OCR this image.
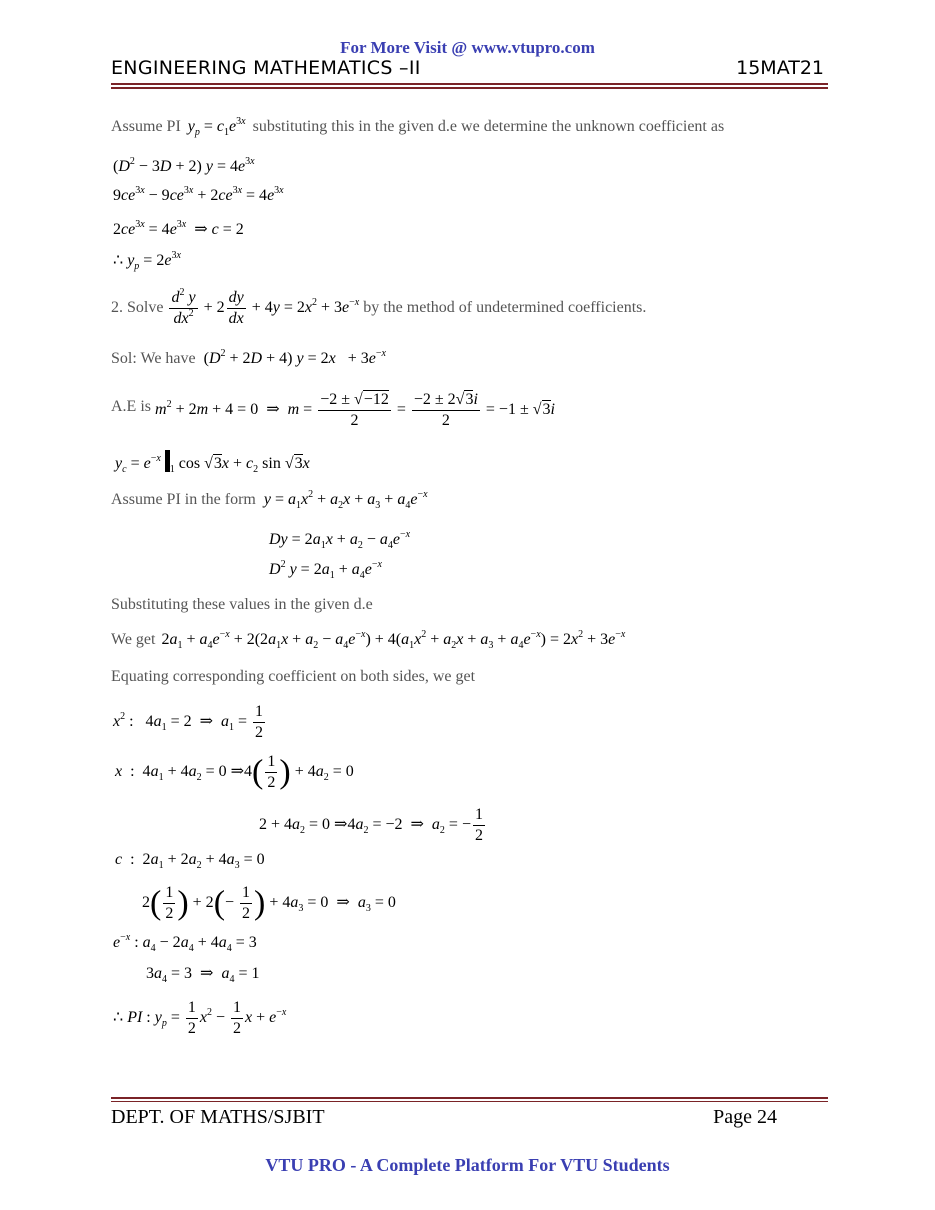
For More Visit @ www.vtupro.com
ENGINEERING MATHEMATICS –II	15MAT21
Assume PI $y_p = c_1e^{3x}$ substituting this in the given d.e we determine the unknown coefficient as
$(D^2 - 3D + 2) y = 4e^{3x}$
$9ce^{3x} - 9ce^{3x} + 2ce^{3x} = 4e^{3x}$
$2ce^{3x} = 4e^{3x}$  ⇒ c = 2
∴ $y_p = 2e^{3x}$
2. Solve $\frac{d^2 y}{dx^2} + 2 \frac{dy}{dx} + 4y = 2x^2 + 3e^{-x}$ by the method of undetermined coefficients.
Sol: We have $(D^2 + 2D + 4) y = 2x + 3e^{-x}$
A.E is $m^2 + 2m + 4 = 0$  ⇒  $m = \frac{-2 \pm √-12}{2} = \frac{-2 \pm 2√3i}{2} = -1 \pm √3i$
$y_c = e^{-x}$ $_1$ $\cos √3x + c_2$ sin √3x
Assume PI in the form $y = a_1x^2 + a_2x + a_3 + a_4e^{-x}$
$Dy = 2a_1x + a_2 - a_4e^{-x}$
$D^2$ $y = 2a_1 + a_4e^{-x}$
Substituting these values in the given d.e
We get $2a_1 + a_4e^{-x} + 2(2a_1x + a_2 - a_4e^{-x}) + 4(a_1x^2 + a_2x + a_3 + a_4e^{-x}) = 2x^2 + 3e^{-x}$
Equating corresponding coefficient on both sides, we get
$x^2$ :   $4a_1 = 2$  ⇒  $a_1 = \frac{1}{2}$
x  :  $4a_1 + 4a_2 = 0$ ⇒4( $\frac{1}{2}$ ) + $4a_2 = 0$
$2 + 4a_2 = 0$ $\Rightarrow 4a_2 = -2$  ⇒  $a_2$ = − $\frac{1}{2}$
c  :  $2a_1 + 2a_2 + 4a_3 = 0$
$2( \frac{1}{2}$ ) + $2(- \frac{1}{2}$ ) + $4a_3 = 0$  ⇒  $a_3 = 0$
$e^{-x}$ : $a_4 - 2a_4 + 4a_4 = 3$
$3a_4 = 3$  ⇒  $a_4 = 1$
∴ PI : $y_p = \frac{1}{2} x^2 - \frac{1}{2}$ $x + e^{-x}$
DEPT. OF MATHS/SJBIT	Page 24
VTU PRO - A Complete Platform For VTU Students
